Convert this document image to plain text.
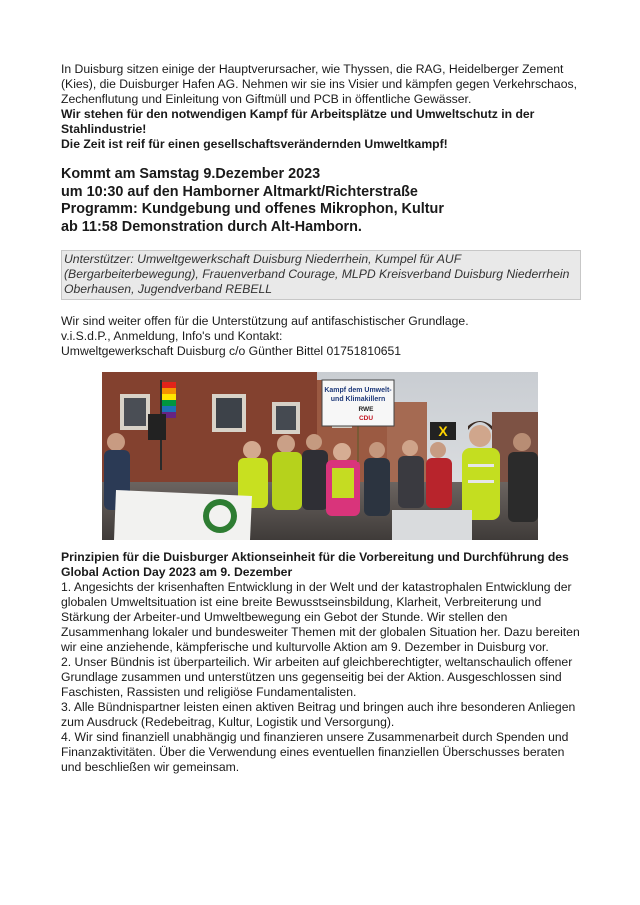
In Duisburg sitzen einige der Hauptverursacher, wie Thyssen, die RAG, Heidelberger Zement (Kies), die Duisburger Hafen AG. Nehmen wir sie ins Visier und kämpfen gegen Verkehrschaos, Zechenflutung und Einleitung von Giftmüll und PCB in öffentliche Gewässer.

Wir stehen für den notwendigen Kampf für Arbeitsplätze und Umweltschutz in der Stahlindustrie!

Die Zeit ist reif für einen gesellschaftsverändernden Umweltkampf!

Kommt am Samstag 9.Dezember 2023

um 10:30 auf den Hamborner Altmarkt/Richterstraße

Programm: Kundgebung und offenes Mikrophon, Kultur

ab 11:58 Demonstration durch Alt-Hamborn.

Unterstützer: Umweltgewerkschaft Duisburg Niederrhein, Kumpel für AUF (Bergarbeiterbewegung), Frauenverband Courage, MLPD Kreisverband Duisburg Niederrhein Oberhausen, Jugendverband REBELL

Wir sind weiter offen für die Unterstützung auf antifaschistischer Grundlage.

v.i.S.d.P., Anmeldung, Info's und Kontakt:

Umweltgewerkschaft Duisburg c/o Günther Bittel 01751810651

Kampf dem Umwelt-
und Klimakillern
RWE
CDU
X

Prinzipien für die Duisburger Aktionseinheit für die Vorbereitung und Durchführung des Global Action Day 2023 am 9. Dezember

1. Angesichts der krisenhaften Entwicklung in der Welt und der katastrophalen Entwicklung der globalen Umweltsituation ist eine breite Bewusstseinsbildung, Klarheit, Verbreiterung und Stärkung der Arbeiter-und Umweltbewegung ein Gebot der Stunde. Wir stellen den Zusammenhang lokaler und bundesweiter Themen mit der globalen Situation her. Dazu bereiten wir eine anziehende, kämpferische und kulturvolle Aktion am 9. Dezember in Duisburg vor.

2. Unser Bündnis ist überparteilich. Wir arbeiten auf gleichberechtigter, weltanschaulich offener Grundlage zusammen und unterstützen uns gegenseitig bei der Aktion. Ausgeschlossen sind Faschisten, Rassisten und religiöse Fundamentalisten.

3. Alle Bündnispartner leisten einen aktiven Beitrag und bringen auch ihre besonderen Anliegen zum Ausdruck (Redebeitrag, Kultur, Logistik und Versorgung).

4. Wir sind finanziell unabhängig und finanzieren unsere Zusammenarbeit durch Spenden und Finanzaktivitäten. Über die Verwendung eines eventuellen finanziellen Überschusses beraten und beschließen wir gemeinsam.
